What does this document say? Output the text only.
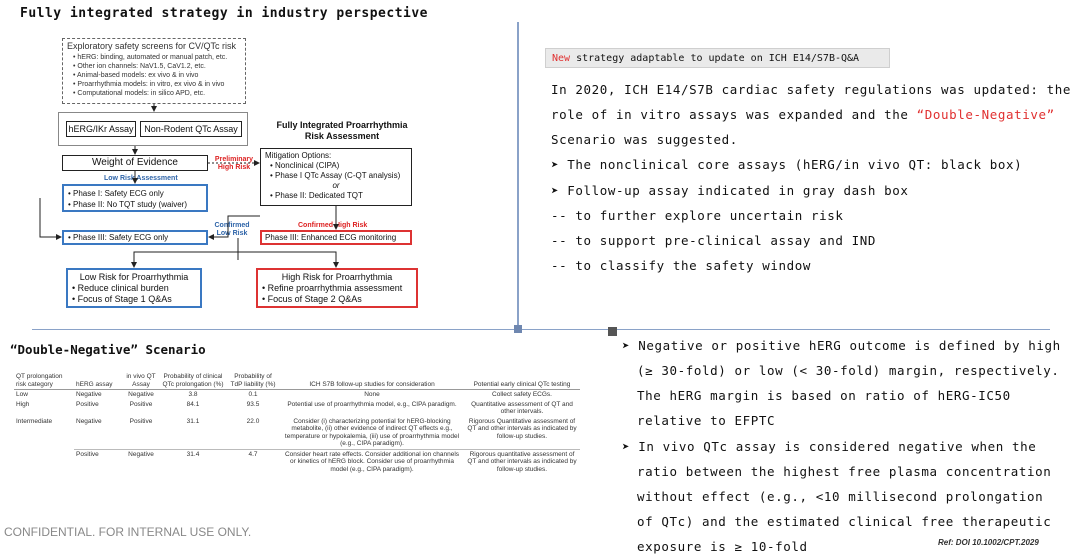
Fully integrated strategy in industry perspective
Exploratory safety screens for CV/QTc risk
• hERG: binding, automated or manual patch, etc.
• Other ion channels: NaV1.5, CaV1.2, etc.
• Animal-based models: ex vivo & in vivo
• Proarrhythmia models: in vitro, ex vivo & in vivo
• Computational models: in silico APD, etc.
hERG/IKr Assay	Non-Rodent QTc Assay	Fully Integrated Proarrhythmia
Risk Assessment
Weight of Evidence	Preliminary
High Risk
Mitigation Options:
• Nonclinical (CIPA)
• Phase I QTc Assay (C-QT analysis)
or
• Phase II: Dedicated TQT
Low Risk Assessment
• Phase I: Safety ECG only
• Phase II: No TQT study (waiver)
Confirmed
Low Risk
Confirmed High Risk
• Phase III: Safety ECG only	Phase III: Enhanced ECG monitoring
Low Risk for Proarrhythmia
• Reduce clinical burden
• Focus of Stage 1 Q&As
High Risk for Proarrhythmia
• Refine proarrhythmia assessment
• Focus of Stage 2 Q&As
New strategy adaptable to update on ICH E14/S7B-Q&A
In 2020, ICH E14/S7B cardiac safety regulations was updated: the
role of in vitro assays was expanded and the “Double-Negative”
Scenario was suggested.
➤ The nonclinical core assays (hERG/in vivo QT: black box)
➤ Follow-up assay indicated in gray dash box
-- to further explore uncertain risk
-- to support pre-clinical assay and IND
-- to classify the safety window
“Double-Negative” Scenario
QT prolongation risk category	hERG assay	in vivo QT Assay	Probability of clinical QTc prolongation (%)	Probability of TdP liability (%)	ICH S7B follow-up studies for consideration	Potential early clinical QTc testing
Low	Negative	Negative	3.8	0.1	None	Collect safety ECGs.
High	Positive	Positive	84.1	93.5	Potential use of proarrhythmia model, e.g., CIPA paradigm.	Quantitative assessment of QT and other intervals.
Intermediate	Negative	Positive	31.1	22.0	Consider (i) characterizing potential for hERG-blocking metabolite, (ii) other evidence of indirect QT effects e.g., temperature or hypokalemia, (iii) use of proarrhythmia model (e.g., CIPA paradigm).	Rigorous Quantitative assessment of QT and other intervals as indicated by follow-up studies.
	Positive	Negative	31.4	4.7	Consider heart rate effects. Consider additional ion channels or kinetics of hERG block. Consider use of proarrhythmia model (e.g., CIPA paradigm).	Rigorous quantitative assessment of QT and other intervals as indicated by follow-up studies.
➤ Negative or positive hERG outcome is defined by high
(≥ 30-fold) or low (< 30-fold) margin, respectively.
The hERG margin is based on ratio of hERG-IC50
relative to EFPTC
➤ In vivo QTc assay is considered negative when the
ratio between the highest free plasma concentration
without effect (e.g., <10 millisecond prolongation
of QTc) and the estimated clinical free therapeutic
exposure is ≥ 10-fold	Ref: DOI 10.1002/CPT.2029
CONFIDENTIAL. FOR INTERNAL USE ONLY.
